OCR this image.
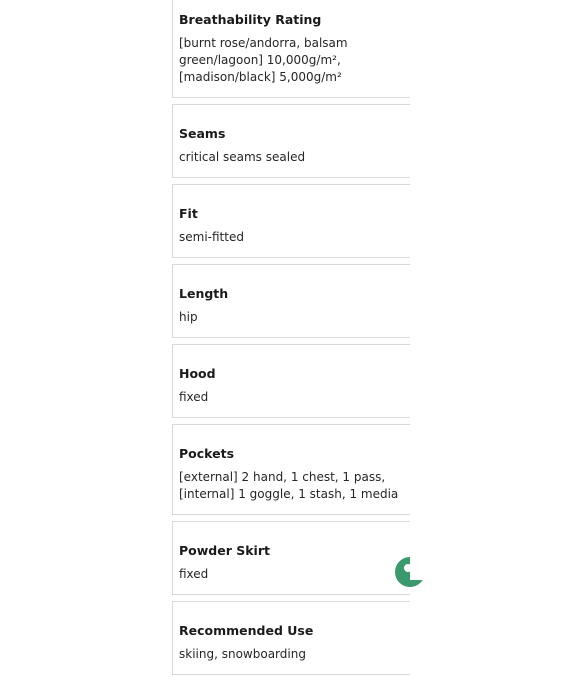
Breathability Rating

[burnt rose/andorra, balsam green/lagoon] 10,000g/m², [madison/black] 5,000g/m²

Seams

critical seams sealed

Fit

semi-fitted

Length

hip

Hood

fixed

Pockets

[external] 2 hand, 1 chest, 1 pass, [internal] 1 goggle, 1 stash, 1 media

Powder Skirt

fixed

Recommended Use

skiing, snowboarding
